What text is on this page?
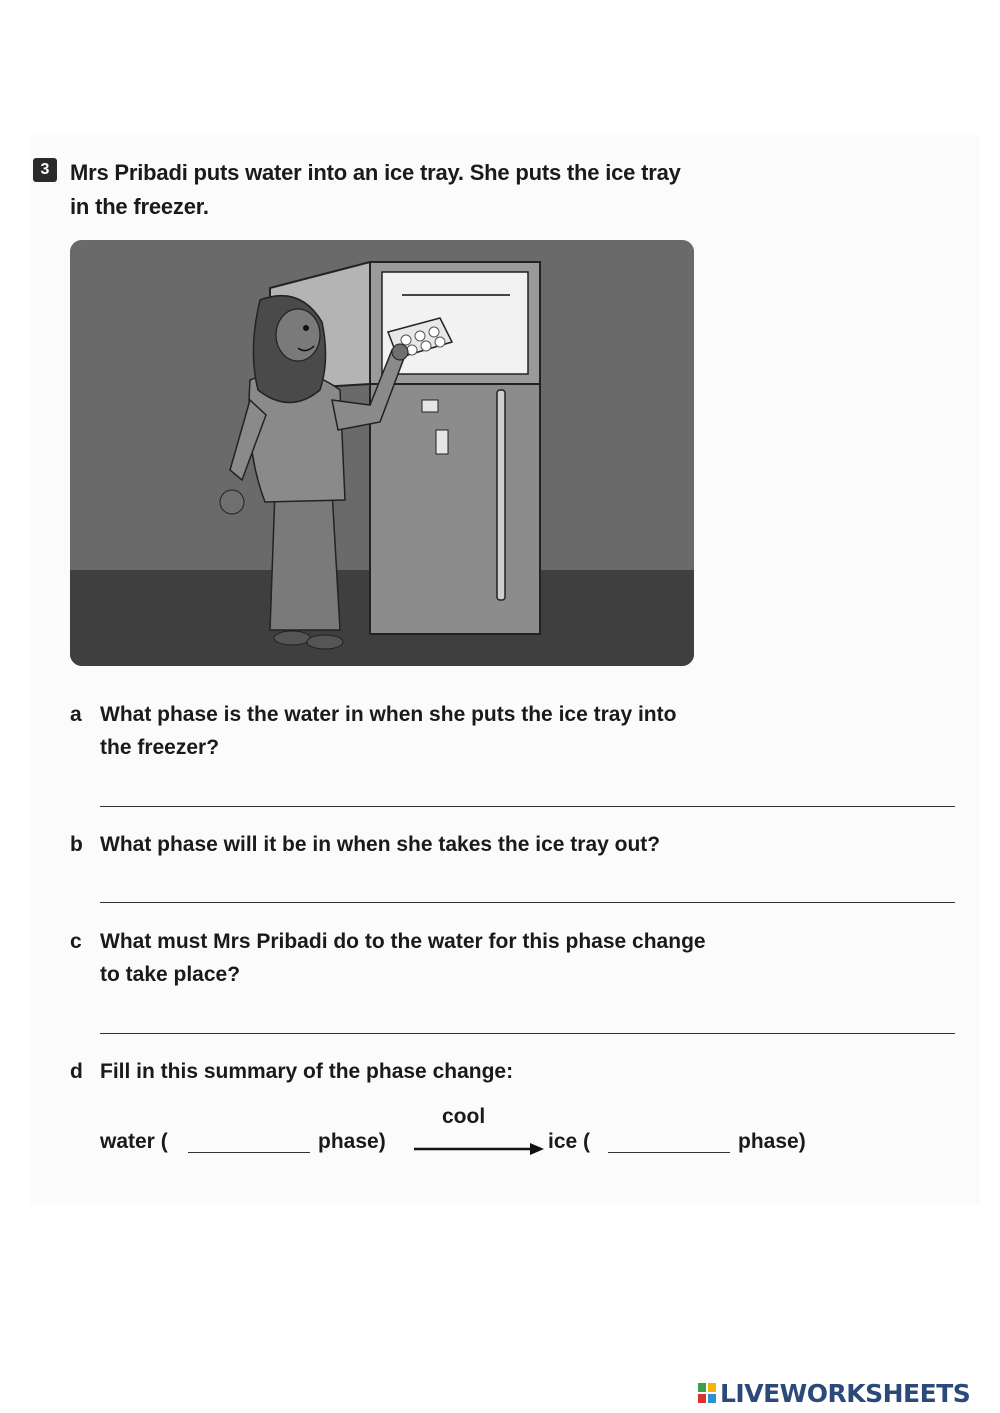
3 Mrs Pribadi puts water into an ice tray. She puts the ice tray
in the freezer.
a What phase is the water in when she puts the ice tray into
the freezer?
b What phase will it be in when she takes the ice tray out?
c What must Mrs Pribadi do to the water for this phase change
to take place?
d Fill in this summary of the phase change:
cool
water (	phase)	ice (	phase)
LIVEWORKSHEETS
